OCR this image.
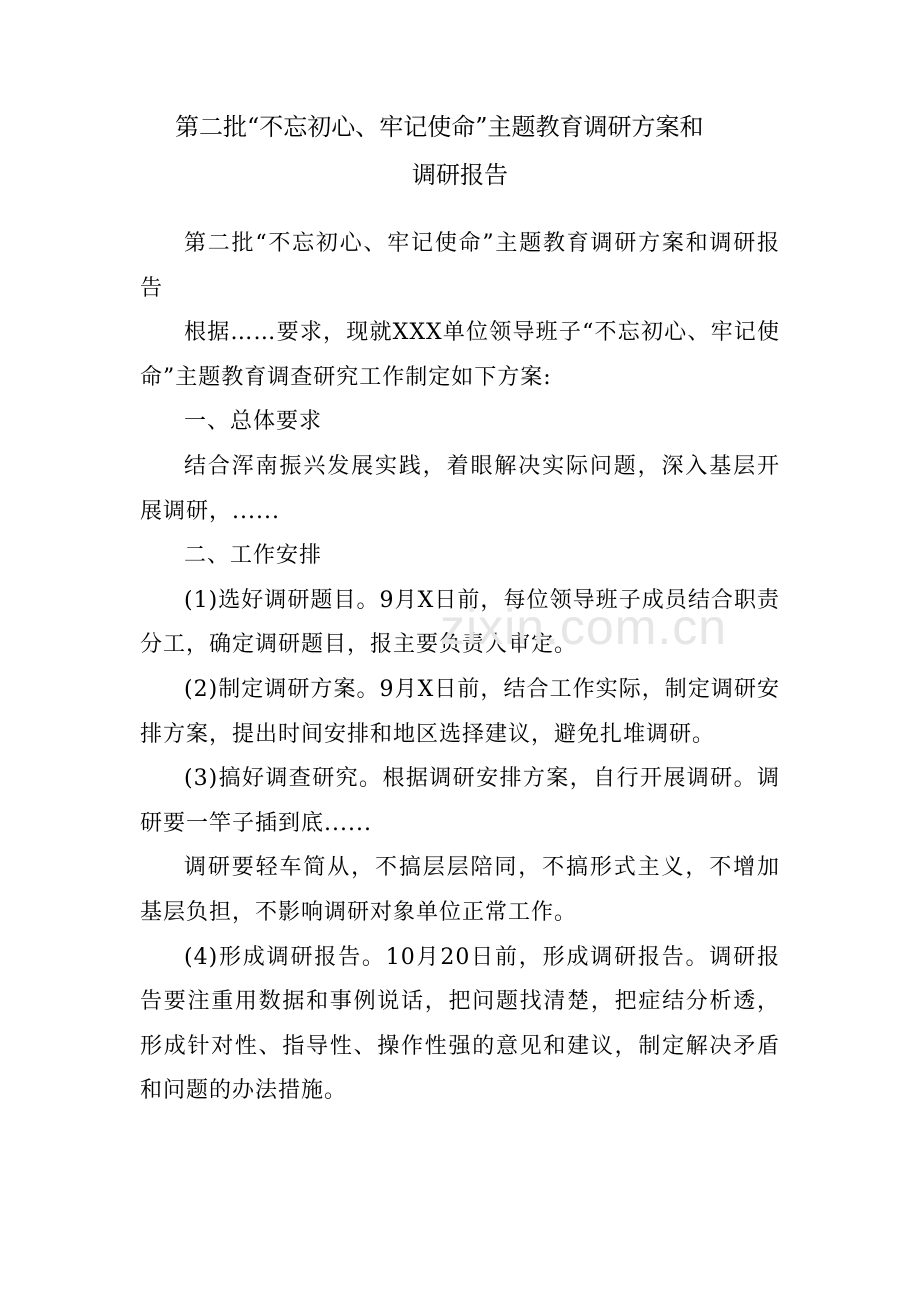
第二批“不忘初心、牢记使命”主题教育调研方案和
调研报告

第二批“不忘初心、牢记使命”主题教育调研方案和调研报告

根据……要求，现就XXX单位领导班子“不忘初心、牢记使命”主题教育调查研究工作制定如下方案:

一、总体要求

结合浑南振兴发展实践，着眼解决实际问题，深入基层开展调研，......

二、工作安排

(1)选好调研题目。9月X日前，每位领导班子成员结合职责分工，确定调研题目，报主要负责人审定。

(2)制定调研方案。9月X日前，结合工作实际，制定调研安排方案，提出时间安排和地区选择建议，避免扎堆调研。

(3)搞好调查研究。根据调研安排方案，自行开展调研。调研要一竿子插到底......

调研要轻车简从，不搞层层陪同，不搞形式主义，不增加基层负担，不影响调研对象单位正常工作。

(4)形成调研报告。10月20日前，形成调研报告。调研报告要注重用数据和事例说话，把问题找清楚，把症结分析透，形成针对性、指导性、操作性强的意见和建议，制定解决矛盾和问题的办法措施。

zixin.com.cn
